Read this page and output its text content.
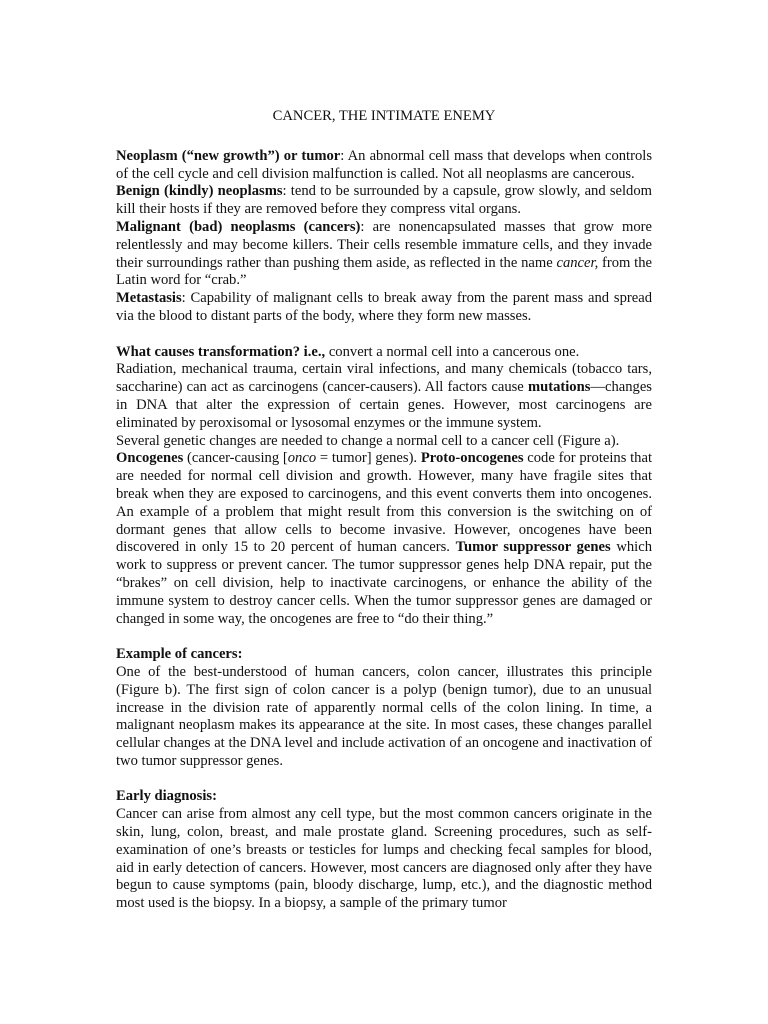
CANCER, THE INTIMATE ENEMY

Neoplasm (“new growth”) or tumor: An abnormal cell mass that develops when controls of the cell cycle and cell division malfunction is called. Not all neoplasms are cancerous.

Benign (kindly) neoplasms: tend to be surrounded by a capsule, grow slowly, and seldom kill their hosts if they are removed before they compress vital organs.

Malignant (bad) neoplasms (cancers): are nonencapsulated masses that grow more relentlessly and may become killers. Their cells resemble immature cells, and they invade their surroundings rather than pushing them aside, as reflected in the name cancer, from the Latin word for “crab.”

Metastasis: Capability of malignant cells to break away from the parent mass and spread via the blood to distant parts of the body, where they form new masses.

What causes transformation? i.e., convert a normal cell into a cancerous one.

Radiation, mechanical trauma, certain viral infections, and many chemicals (tobacco tars, saccharine) can act as carcinogens (cancer-causers). All factors cause mutations—changes in DNA that alter the expression of certain genes. However, most carcinogens are eliminated by peroxisomal or lysosomal enzymes or the immune system.

Several genetic changes are needed to change a normal cell to a cancer cell (Figure a).

Oncogenes (cancer-causing [onco = tumor] genes). Proto-oncogenes code for proteins that are needed for normal cell division and growth. However, many have fragile sites that break when they are exposed to carcinogens, and this event converts them into oncogenes. An example of a problem that might result from this conversion is the switching on of dormant genes that allow cells to become invasive. However, oncogenes have been discovered in only 15 to 20 percent of human cancers. Tumor suppressor genes which work to suppress or prevent cancer. The tumor suppressor genes help DNA repair, put the “brakes” on cell division, help to inactivate carcinogens, or enhance the ability of the immune system to destroy cancer cells. When the tumor suppressor genes are damaged or changed in some way, the oncogenes are free to “do their thing.”

Example of cancers:

One of the best-understood of human cancers, colon cancer, illustrates this principle (Figure b). The first sign of colon cancer is a polyp (benign tumor), due to an unusual increase in the division rate of apparently normal cells of the colon lining. In time, a malignant neoplasm makes its appearance at the site. In most cases, these changes parallel cellular changes at the DNA level and include activation of an oncogene and inactivation of two tumor suppressor genes.

Early diagnosis:

Cancer can arise from almost any cell type, but the most common cancers originate in the skin, lung, colon, breast, and male prostate gland. Screening procedures, such as self-examination of one’s breasts or testicles for lumps and checking fecal samples for blood, aid in early detection of cancers. However, most cancers are diagnosed only after they have begun to cause symptoms (pain, bloody discharge, lump, etc.), and the diagnostic method most used is the biopsy. In a biopsy, a sample of the primary tumor
